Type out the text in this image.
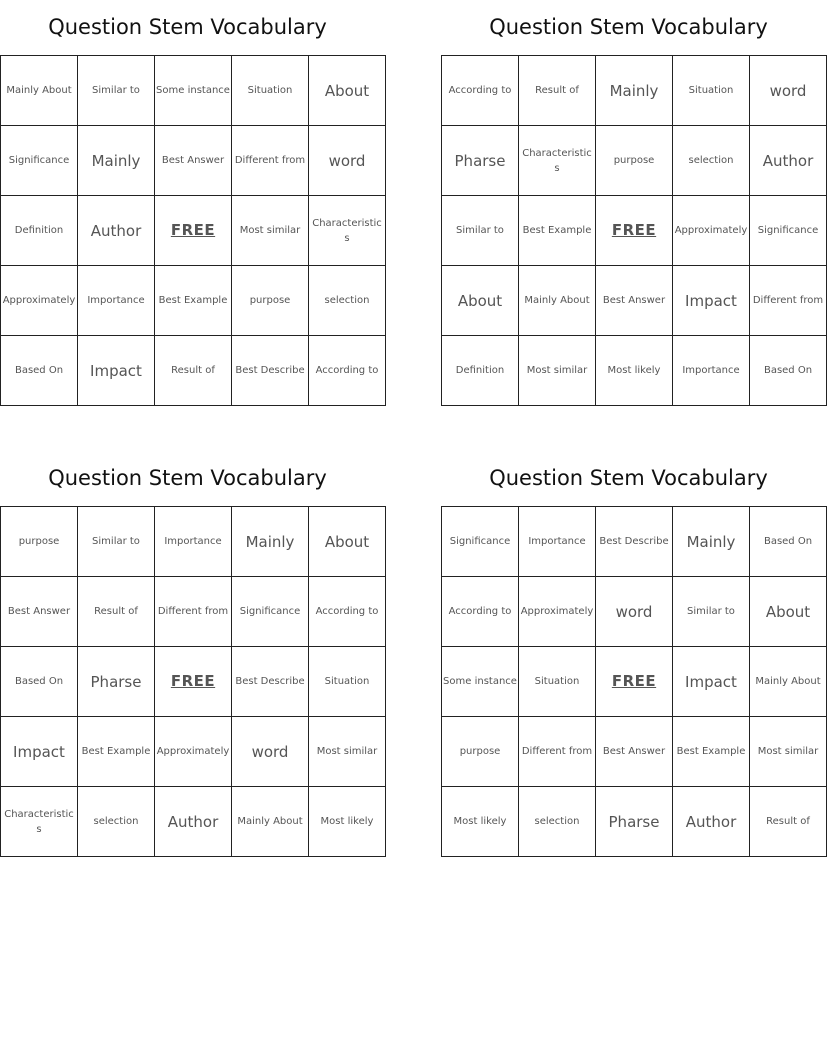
Question Stem Vocabulary
Mainly About	Similar to	Some instance	Situation	About
Significance	Mainly	Best Answer	Different from	word
Definition	Author	FREE	Most similar	Characteristics
Approximately	Importance	Best Example	purpose	selection
Based On	Impact	Result of	Best Describe	According to
Question Stem Vocabulary
According to	Result of	Mainly	Situation	word
Pharse	Characteristics	purpose	selection	Author
Similar to	Best Example	FREE	Approximately	Significance
About	Mainly About	Best Answer	Impact	Different from
Definition	Most similar	Most likely	Importance	Based On
Question Stem Vocabulary
purpose	Similar to	Importance	Mainly	About
Best Answer	Result of	Different from	Significance	According to
Based On	Pharse	FREE	Best Describe	Situation
Impact	Best Example	Approximately	word	Most similar
Characteristics	selection	Author	Mainly About	Most likely
Question Stem Vocabulary
Significance	Importance	Best Describe	Mainly	Based On
According to	Approximately	word	Similar to	About
Some instance	Situation	FREE	Impact	Mainly About
purpose	Different from	Best Answer	Best Example	Most similar
Most likely	selection	Pharse	Author	Result of
